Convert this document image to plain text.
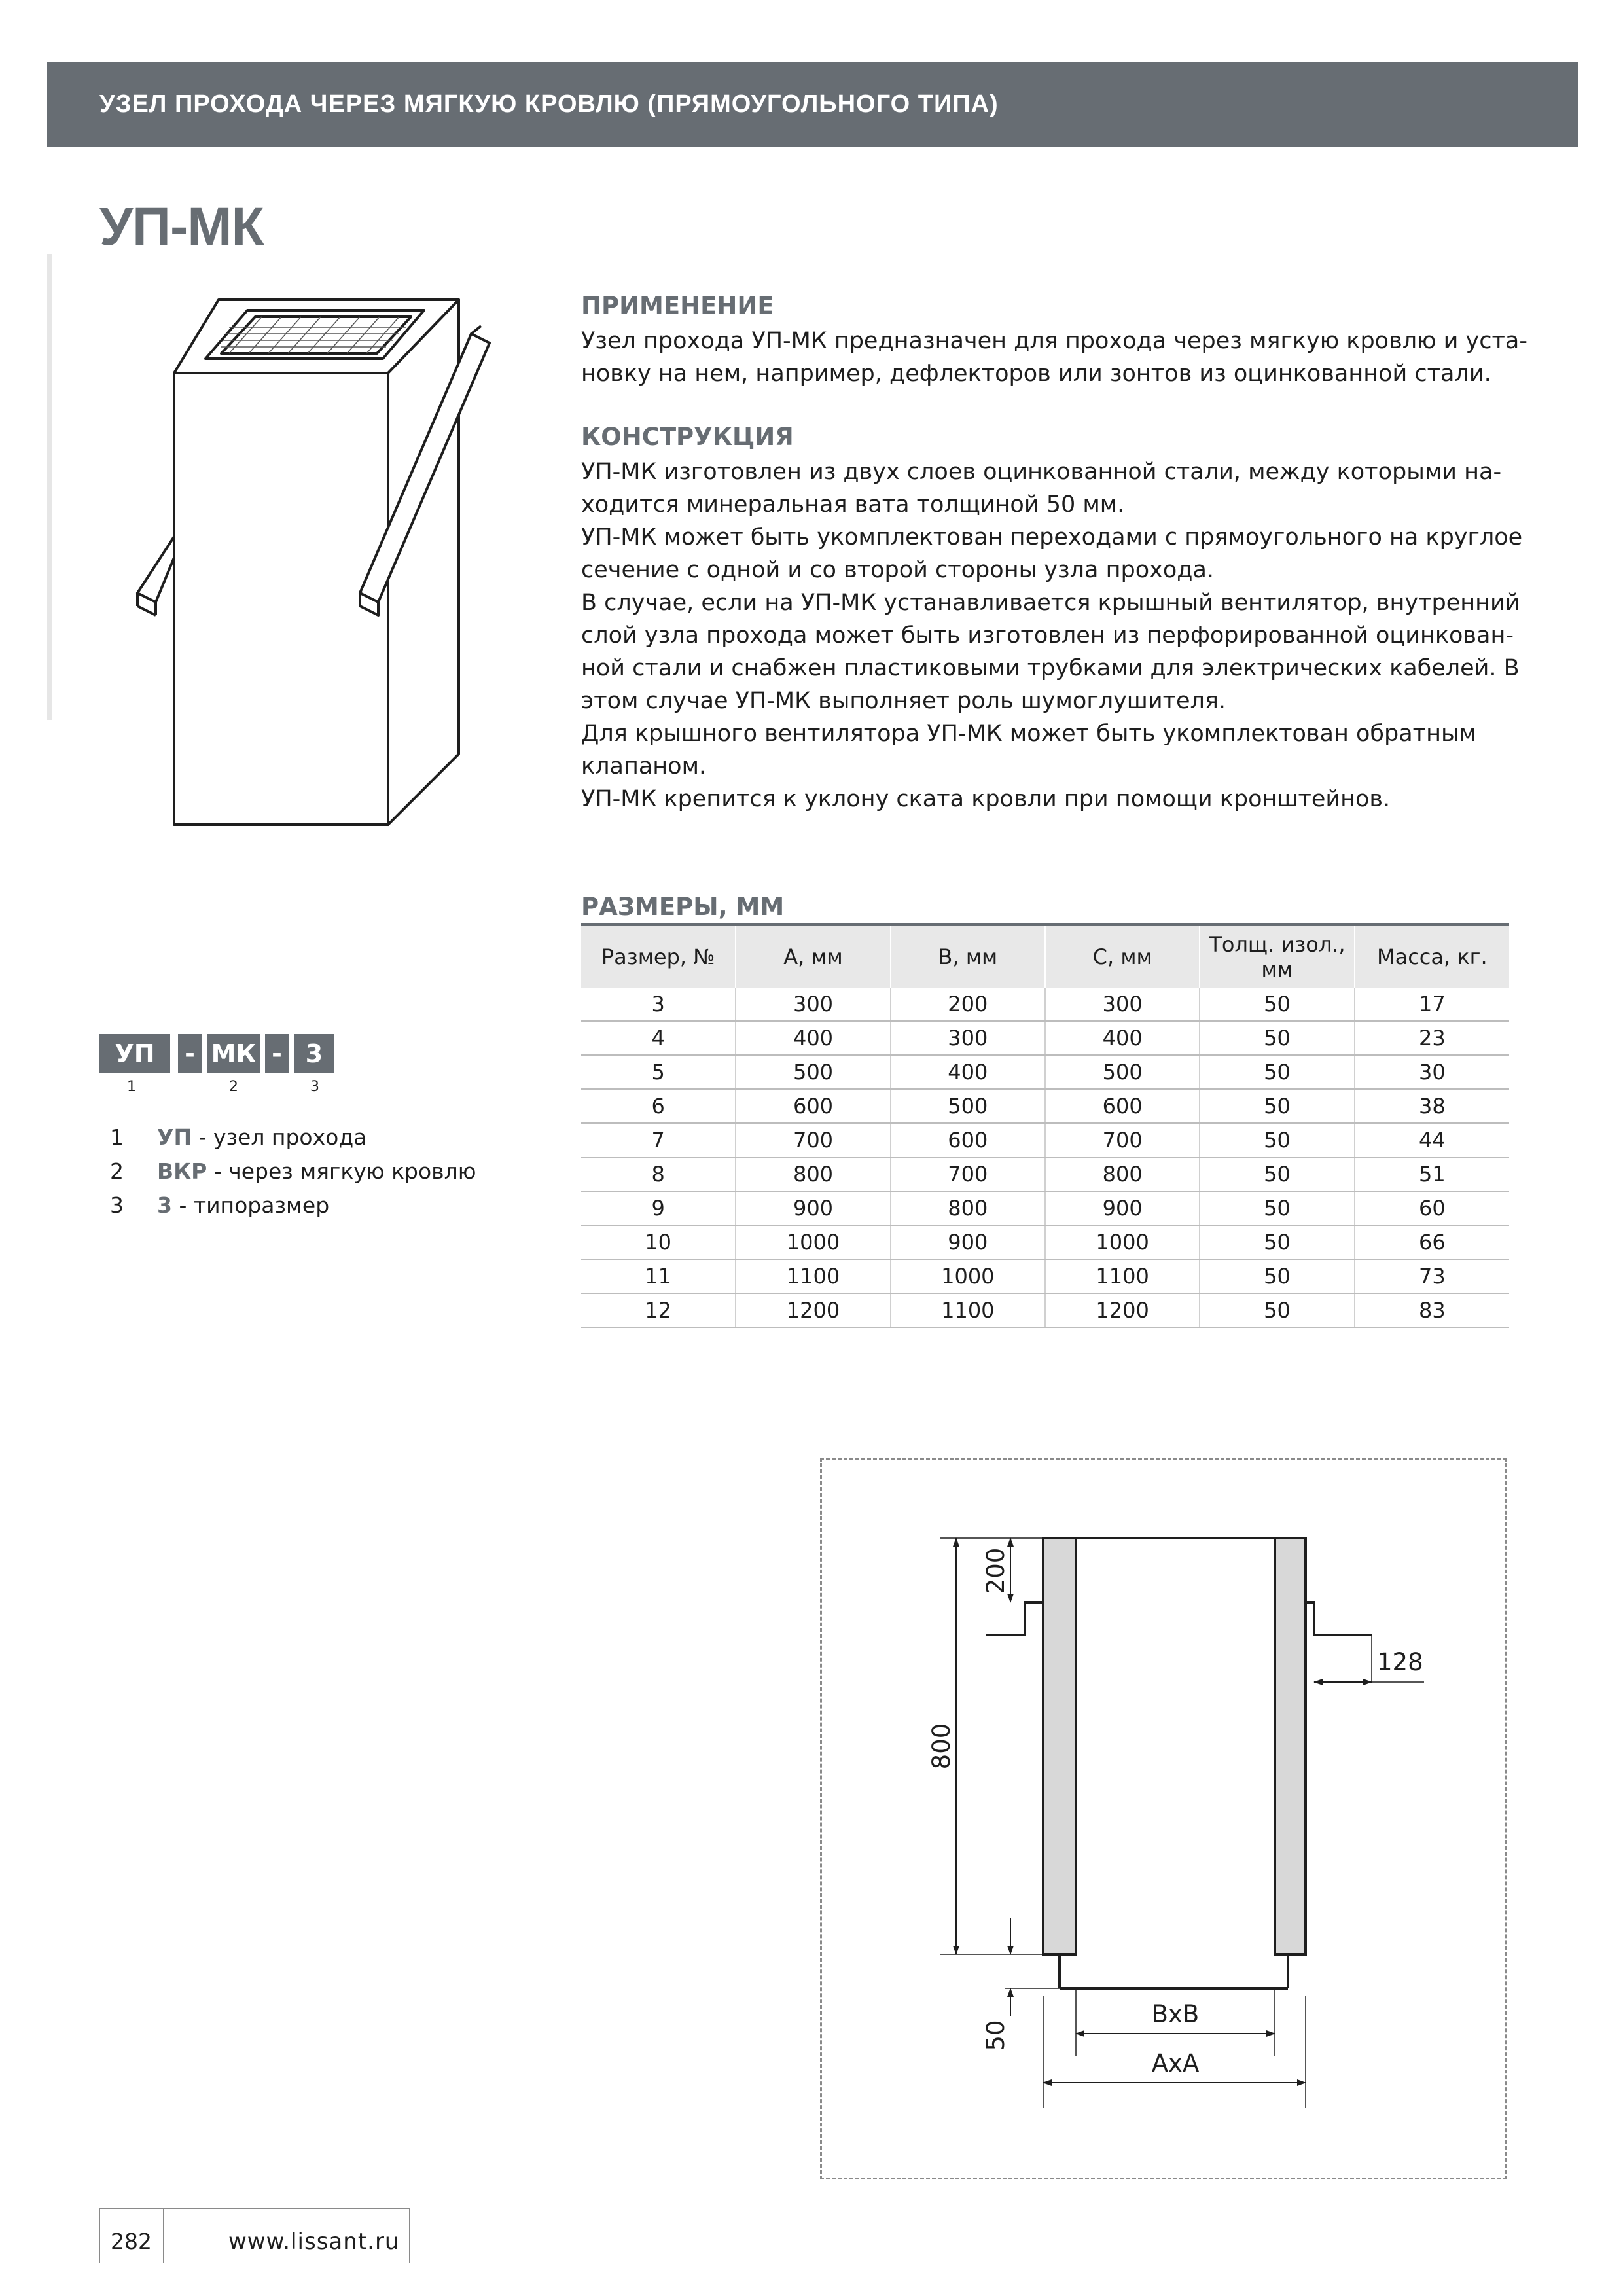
УЗЕЛ ПРОХОДА ЧЕРЕЗ МЯГКУЮ КРОВЛЮ (ПРЯМОУГОЛЬНОГО ТИПА)
УП-МК
ПРИМЕНЕНИЕ
Узел прохода УП-МК предназначен для прохода через мягкую кровлю и уста-
новку на нем, например, дефлекторов или зонтов из оцинкованной стали.
КОНСТРУКЦИЯ
УП-МК изготовлен из двух слоев оцинкованной стали, между которыми на-
ходится минеральная вата толщиной 50 мм.
УП-МК может быть укомплектован переходами с прямоугольного на круглое
сечение с одной и со второй стороны узла прохода.
В случае, если на УП-МК устанавливается крышный вентилятор, внутренний
слой узла прохода может быть изготовлен из перфорированной оцинкован-
ной стали и снабжен пластиковыми трубками для электрических кабелей. В
этом случае УП-МК выполняет роль шумоглушителя.
Для крышного вентилятора УП-МК может быть укомплектован обратным
клапаном.
УП-МК крепится к уклону ската кровли при помощи кронштейнов.
УП	- МК - 3
1	2	3
1 УП - узел прохода
2 ВКР - через мягкую кровлю
3 3 - типоразмер
РАЗМЕРЫ, ММ
Размер, №	А, мм	В, мм	С, мм	Толщ. изол., мм	Масса, кг.
3	300	200	300	50	17
4	400	300	400	50	23
5	500	400	500	50	30
6	600	500	600	50	38
7	700	600	700	50	44
8	800	700	800	50	51
9	900	800	900	50	60
10	1000	900	1000	50	66
11	1100	1000	1100	50	73
12	1200	1100	1200	50	83
800
200
50
128
ВхВ
АхА
282	www.lissant.ru
